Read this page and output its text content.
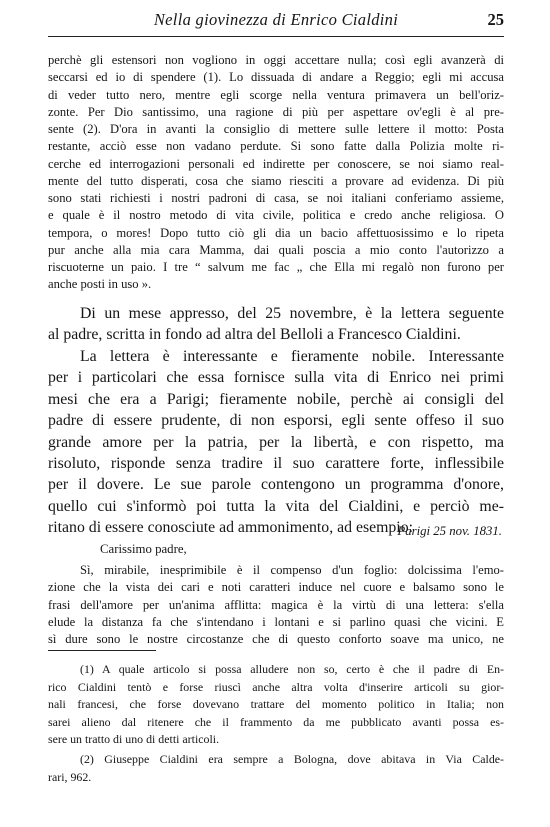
Nella giovinezza di Enrico Cialdini	25
perchè gli estensori non vogliono in oggi accettare nulla; così egli avanzerà di
seccarsi ed io di spendere (1). Lo dissuada di andare a Reggio; egli mi accusa
di veder tutto nero, mentre egli scorge nella ventura primavera un bell'oriz-
zonte. Per Dio santissimo, una ragione di più per aspettare ov'egli è al pre-
sente (2). D'ora in avanti la consiglio di mettere sulle lettere il motto: Posta
restante, acciò esse non vadano perdute. Si sono fatte dalla Polizia molte ri-
cerche ed interrogazioni personali ed indirette per conoscere, se noi siamo real-
mente del tutto disperati, cosa che siamo riesciti a provare ad evidenza. Di più
sono stati richiesti i nostri padroni di casa, se noi italiani conferiamo assieme,
e quale è il nostro metodo di vita civile, politica e credo anche religiosa. O
tempora, o mores! Dopo tutto ciò gli dia un bacio affettuosissimo e lo ripeta
pur anche alla mia cara Mamma, dai quali poscia a mio conto l'autorizzo a
riscuoterne un paio. I tre “ salvum me fac „ che Ella mi regalò non furono per
anche posti in uso ».
Di un mese appresso, del 25 novembre, è la lettera seguente
al padre, scritta in fondo ad altra del Belloli a Francesco Cialdini.
La lettera è interessante e fieramente nobile. Interessante
per i particolari che essa fornisce sulla vita di Enrico nei primi
mesi che era a Parigi; fieramente nobile, perchè ai consigli del
padre di essere prudente, di non esporsi, egli sente offeso il suo
grande amore per la patria, per la libertà, e con rispetto, ma
risoluto, risponde senza tradire il suo carattere forte, inflessibile
per il dovere. Le sue parole contengono un programma d'onore,
quello cui s'informò poi tutta la vita del Cialdini, e perciò me-
ritano di essere conosciute ad ammonimento, ad esempio:
Parigi 25 nov. 1831.
Carissimo padre,
Sì, mirabile, inesprimibile è il compenso d'un foglio: dolcissima l'emo-
zione che la vista dei cari e noti caratteri induce nel cuore e balsamo sono le
frasi dell'amore per un'anima afflitta: magica è la virtù di una lettera: s'ella
elude la distanza fa che s'intendano i lontani e si parlino quasi che vicini. E
sì dure sono le nostre circostanze che di questo conforto soave ma unico, ne
(1) A quale articolo si possa alludere non so, certo è che il padre di En-
rico Cialdini tentò e forse riuscì anche altra volta d'inserire articoli su gior-
nali francesi, che forse dovevano trattare del momento politico in Italia; non
sarei alieno dal ritenere che il frammento da me pubblicato avanti possa es-
sere un tratto di uno di detti articoli.
(2) Giuseppe Cialdini era sempre a Bologna, dove abitava in Via Calde-
rari, 962.
